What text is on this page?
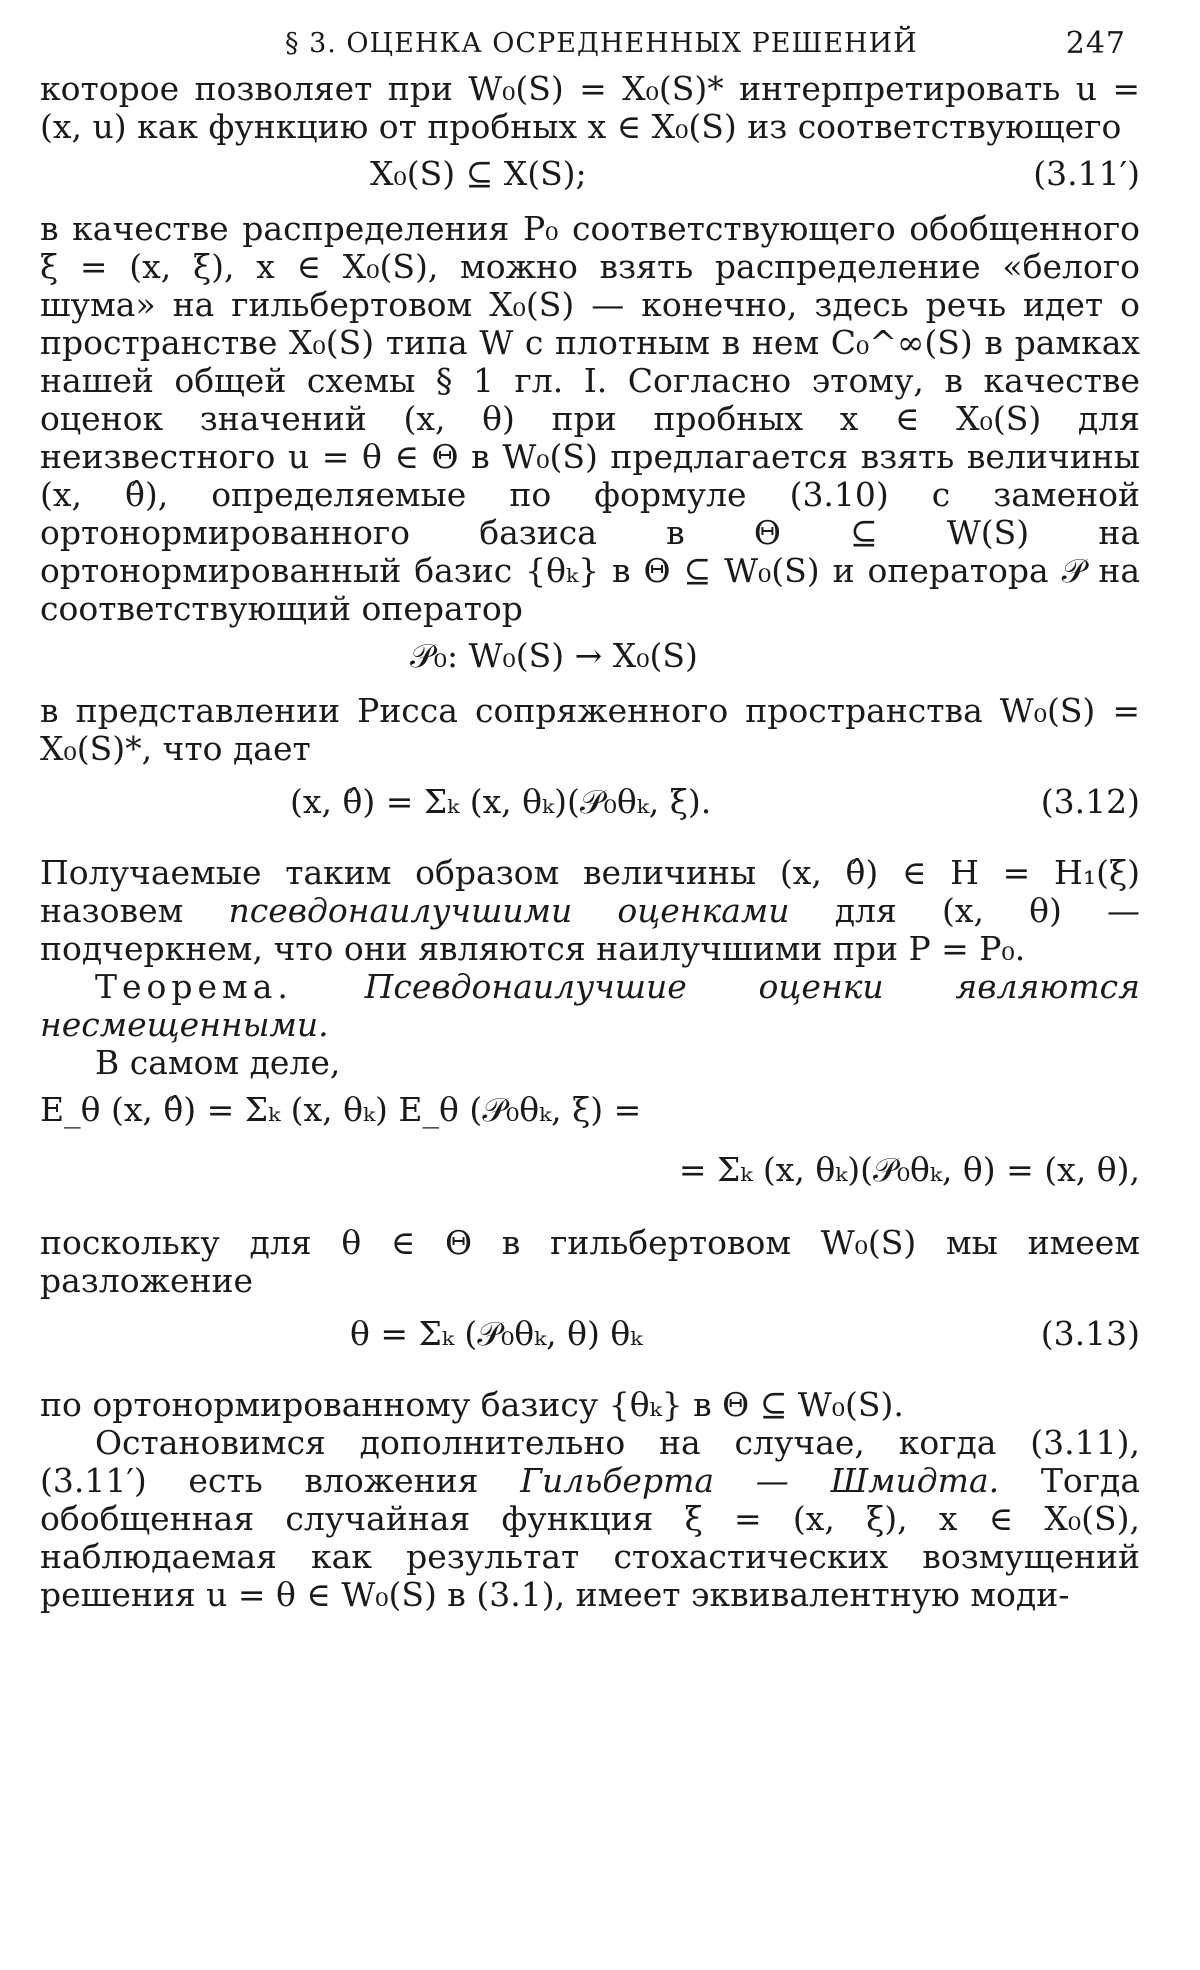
§ 3. ОЦЕНКА ОСРЕДНЕННЫХ РЕШЕНИЙ	247

которое позволяет при W₀(S) = X₀(S)* интерпретировать u = (x, u) как функцию от пробных x ∈ X₀(S) из соответствующего

X₀(S) ⊆ X(S);	(3.11′)

в качестве распределения P₀ соответствующего обобщенного ξ = (x, ξ), x ∈ X₀(S), можно взять распределение «белого шума» на гильбертовом X₀(S) — конечно, здесь речь идет о пространстве X₀(S) типа W с плотным в нем C₀^∞(S) в рамках нашей общей схемы § 1 гл. I. Согласно этому, в качестве оценок значений (x, θ) при пробных x ∈ X₀(S) для неизвестного u = θ ∈ Θ в W₀(S) предлагается взять величины (x, θ̂), определяемые по формуле (3.10) с заменой ортонормированного базиса в Θ ⊆ W(S) на ортонормированный базис {θₖ} в Θ ⊆ W₀(S) и оператора 𝒫 на соответствующий оператор

𝒫₀: W₀(S) → X₀(S)

в представлении Рисса сопряженного пространства W₀(S) = X₀(S)*, что дает

(x, θ̂) = Σₖ (x, θₖ)(𝒫₀θₖ, ξ).	(3.12)

Получаемые таким образом величины (x, θ̂) ∈ H = H₁(ξ) назовем псевдонаилучшими оценками для (x, θ) — подчеркнем, что они являются наилучшими при P = P₀.

Теорема. Псевдонаилучшие оценки являются несмещенными.

В самом деле,

E_θ (x, θ̂) = Σₖ (x, θₖ) E_θ (𝒫₀θₖ, ξ) =
= Σₖ (x, θₖ)(𝒫₀θₖ, θ) = (x, θ),

поскольку для θ ∈ Θ в гильбертовом W₀(S) мы имеем разложение

θ = Σₖ (𝒫₀θₖ, θ) θₖ	(3.13)

по ортонормированному базису {θₖ} в Θ ⊆ W₀(S).

Остановимся дополнительно на случае, когда (3.11), (3.11′) есть вложения Гильберта — Шмидта. Тогда обобщенная случайная функция ξ = (x, ξ), x ∈ X₀(S), наблюдаемая как результат стохастических возмущений решения u = θ ∈ W₀(S) в (3.1), имеет эквивалентную моди-
